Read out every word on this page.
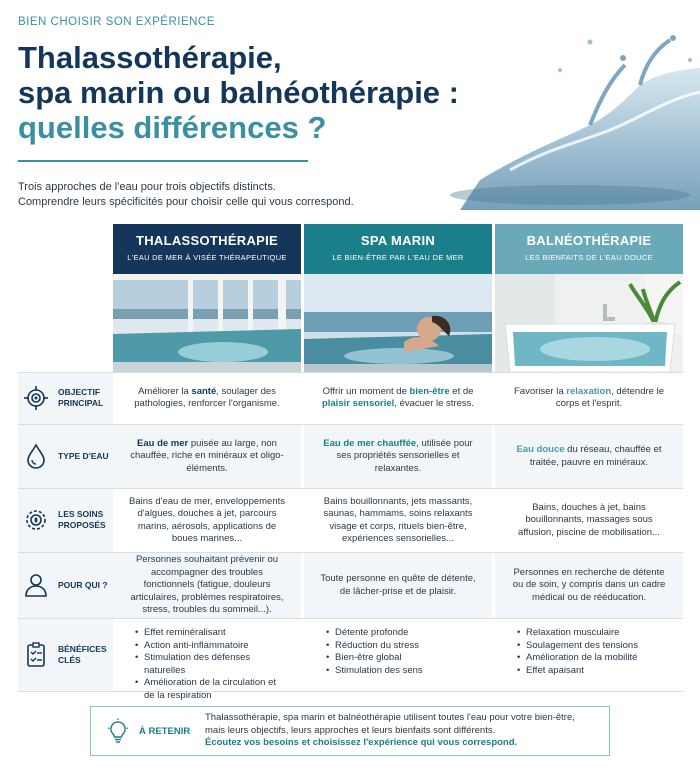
BIEN CHOISIR SON EXPÉRIENCE
Thalassothérapie,
spa marin ou balnéothérapie :
quelles différences ?
Trois approches de l'eau pour trois objectifs distincts.
Comprendre leurs spécificités pour choisir celle qui vous correspond.
THALASSOTHÉRAPIE
L'EAU DE MER À VISÉE THÉRAPEUTIQUE
SPA MARIN
LE BIEN-ÊTRE PAR L'EAU DE MER
BALNÉOTHÉRAPIE
LES BIENFAITS DE L'EAU DOUCE
OBJECTIF PRINCIPAL
Améliorer la santé, soulager des pathologies, renforcer l'organisme.
Offrir un moment de bien-être et de plaisir sensoriel, évacuer le stress.
Favoriser la relaxation, détendre le corps et l'esprit.
TYPE D'EAU
Eau de mer puisée au large, non chauffée, riche en minéraux et oligo-éléments.
Eau de mer chauffée, utilisée pour ses propriétés sensorielles et relaxantes.
Eau douce du réseau, chauffée et traitée, pauvre en minéraux.
LES SOINS PROPOSÉS
Bains d'eau de mer, enveloppements d'algues, douches à jet, parcours marins, aérosols, applications de boues marines...
Bains bouillonnants, jets massants, saunas, hammams, soins relaxants visage et corps, rituels bien-être, expériences sensorielles...
Bains, douches à jet, bains bouillonnants, massages sous affusion, piscine de mobilisation...
POUR QUI ?
Personnes souhaitant prévenir ou accompagner des troubles fonctionnels (fatigue, douleurs articulaires, problèmes respiratoires, stress, troubles du sommeil...).
Toute personne en quête de détente, de lâcher-prise et de plaisir.
Personnes en recherche de détente ou de soin, y compris dans un cadre médical ou de rééducation.
BÉNÉFICES CLÉS
• Effet reminéralisant
• Action anti-inflammatoire
• Stimulation des défenses naturelles
• Amélioration de la circulation et de la respiration
• Détente profonde
• Réduction du stress
• Bien-être global
• Stimulation des sens
• Relaxation musculaire
• Soulagement des tensions
• Amélioration de la mobilité
• Effet apaisant
À RETENIR
Thalassothérapie, spa marin et balnéothérapie utilisent toutes l'eau pour votre bien-être,
mais leurs objectifs, leurs approches et leurs bienfaits sont différents.
Écoutez vos besoins et choisissez l'expérience qui vous correspond.
